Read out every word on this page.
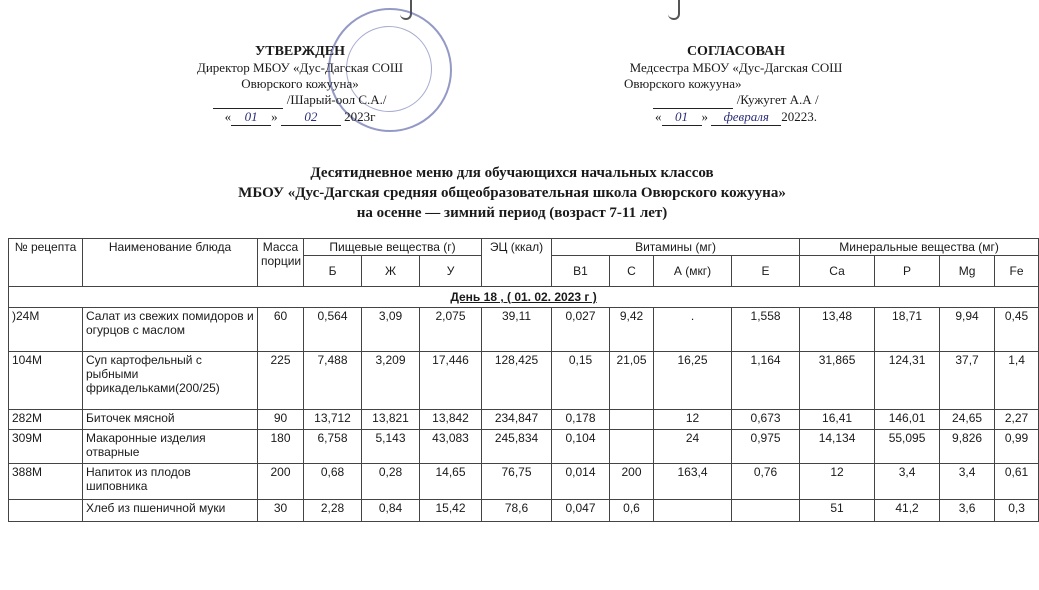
УТВЕРЖДЕН
Директор МБОУ «Дус-Дагская СОШ
Овюрского кожууна»
/Шарый-оол С.А./
« 01 » 02 2023г
СОГЛАСОВАН
Медсестра МБОУ «Дус-Дагская СОШ
Овюрского кожууна»
/Кужугет А.А /
« 01 » февраля 20223.
Десятидневное меню для обучающихся начальных классов
МБОУ «Дус-Дагская средняя общеобразовательная школа Овюрского кожууна»
на осенне — зимний период (возраст 7-11 лет)
№ рецепта	Наименование блюда	Масса порции	Пищевые вещества (г)			ЭЦ (ккал)	Витамины (мг)				Минеральные вещества (мг)			
			Б	Ж	У		В1	С	А (мкг)	Е	Са	Р	Mg	Fe
День 18 , ( 01. 02. 2023 г )														
)24М	Салат из свежих помидоров и огурцов с маслом	60	0,564	3,09	2,075	39,11	0,027	9,42	.	1,558	13,48	18,71	9,94	0,45
104М	Суп картофельный с рыбными фрикадельками(200/25)	225	7,488	3,209	17,446	128,425	0,15	21,05	16,25	1,164	31,865	124,31	37,7	1,4
282М	Биточек мясной	90	13,712	13,821	13,842	234,847	0,178		12	0,673	16,41	146,01	24,65	2,27
309М	Макаронные изделия отварные	180	6,758	5,143	43,083	245,834	0,104		24	0,975	14,134	55,095	9,826	0,99
388М	Напиток из плодов шиповника	200	0,68	0,28	14,65	76,75	0,014	200	163,4	0,76	12	3,4	3,4	0,61
	Хлеб из пшеничной муки	30	2,28	0,84	15,42	78,6	0,047	0,6			51	41,2	3,6	0,3
